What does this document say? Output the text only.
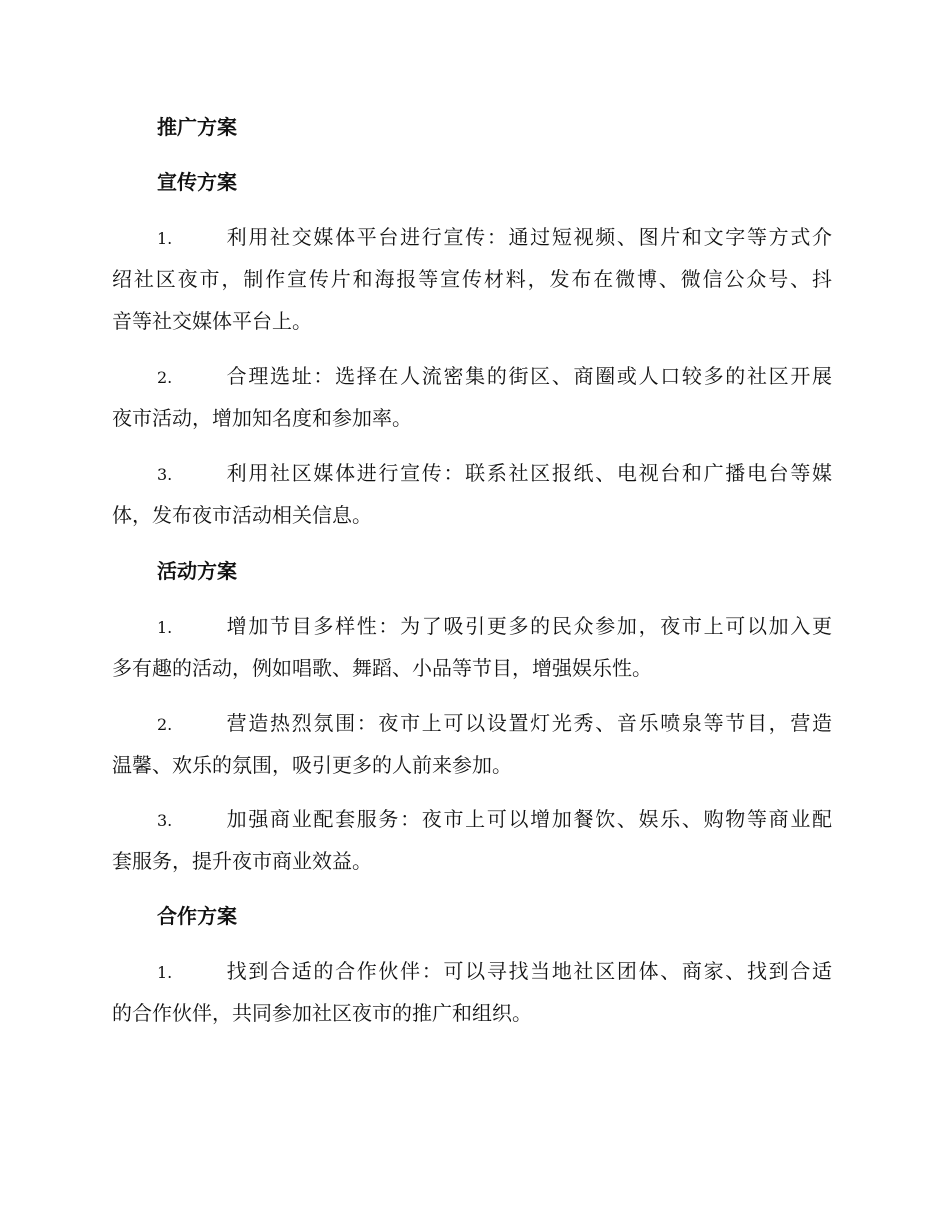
推广方案
宣传方案
1.	利用社交媒体平台进行宣传：通过短视频、图片和文字等方式介
绍社区夜市，制作宣传片和海报等宣传材料，发布在微博、微信公众号、抖
音等社交媒体平台上。
2.	合理选址：选择在人流密集的街区、商圈或人口较多的社区开展
夜市活动，增加知名度和参加率。
3.	利用社区媒体进行宣传：联系社区报纸、电视台和广播电台等媒
体，发布夜市活动相关信息。
活动方案
1.	增加节目多样性：为了吸引更多的民众参加，夜市上可以加入更
多有趣的活动，例如唱歌、舞蹈、小品等节目，增强娱乐性。
2.	营造热烈氛围：夜市上可以设置灯光秀、音乐喷泉等节目，营造
温馨、欢乐的氛围，吸引更多的人前来参加。
3.	加强商业配套服务：夜市上可以增加餐饮、娱乐、购物等商业配
套服务，提升夜市商业效益。
合作方案
1.	找到合适的合作伙伴：可以寻找当地社区团体、商家、找到合适
的合作伙伴，共同参加社区夜市的推广和组织。
